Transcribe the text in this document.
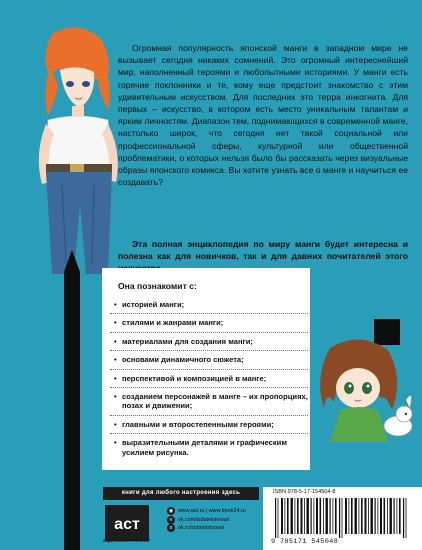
Огромная популярность японской манги в западном мире не вызывает сегодня никаких сомнений. Это огромный интереснейший мир, наполненный героями и любопытными историями. У манги есть горячие поклонники и те, кому еще предстоит знакомство с этим удивительным искусством. Для последних это терра инкогнита. Для первых – искусство, в котором есть место уникальным талантам и ярким личностям. Диапазон тем, поднимающихся в современной манге, настолько широк, что сегодня нет такой социальной или профессиональной сферы, культурной или общественной проблематики, о которых нельзя было бы рассказать через визуальные образы японского комикса. Вы хотите узнать все о манге и научиться ее создавать?

Эта полная энциклопедия по миру манги будет интересна и полезна как для новичков, так и для давних почитателей этого
Она познакомит с:
• историей манги;
• стилями и жанрами манги;
• материалами для создания манги;
• основами динамичного сюжета;
• перспективой и композицией в манге;
• созданием персонажей в манге – их пропорциях, позах и движении;
• главными и второстепенными героями;
• выразительными деталями и графическим усилием рисунка.
книги для любого настроения здесь
аст
ИЗДАТЕЛЬСКАЯ ГРУППА АСТ
◉ www.ast.ru | www.book24.ru
v	vk.com/izdatelstvoast
o	ok.ru/izdatelstvoast
ISBN 978-5-17-154504-8
9 785171 545048
